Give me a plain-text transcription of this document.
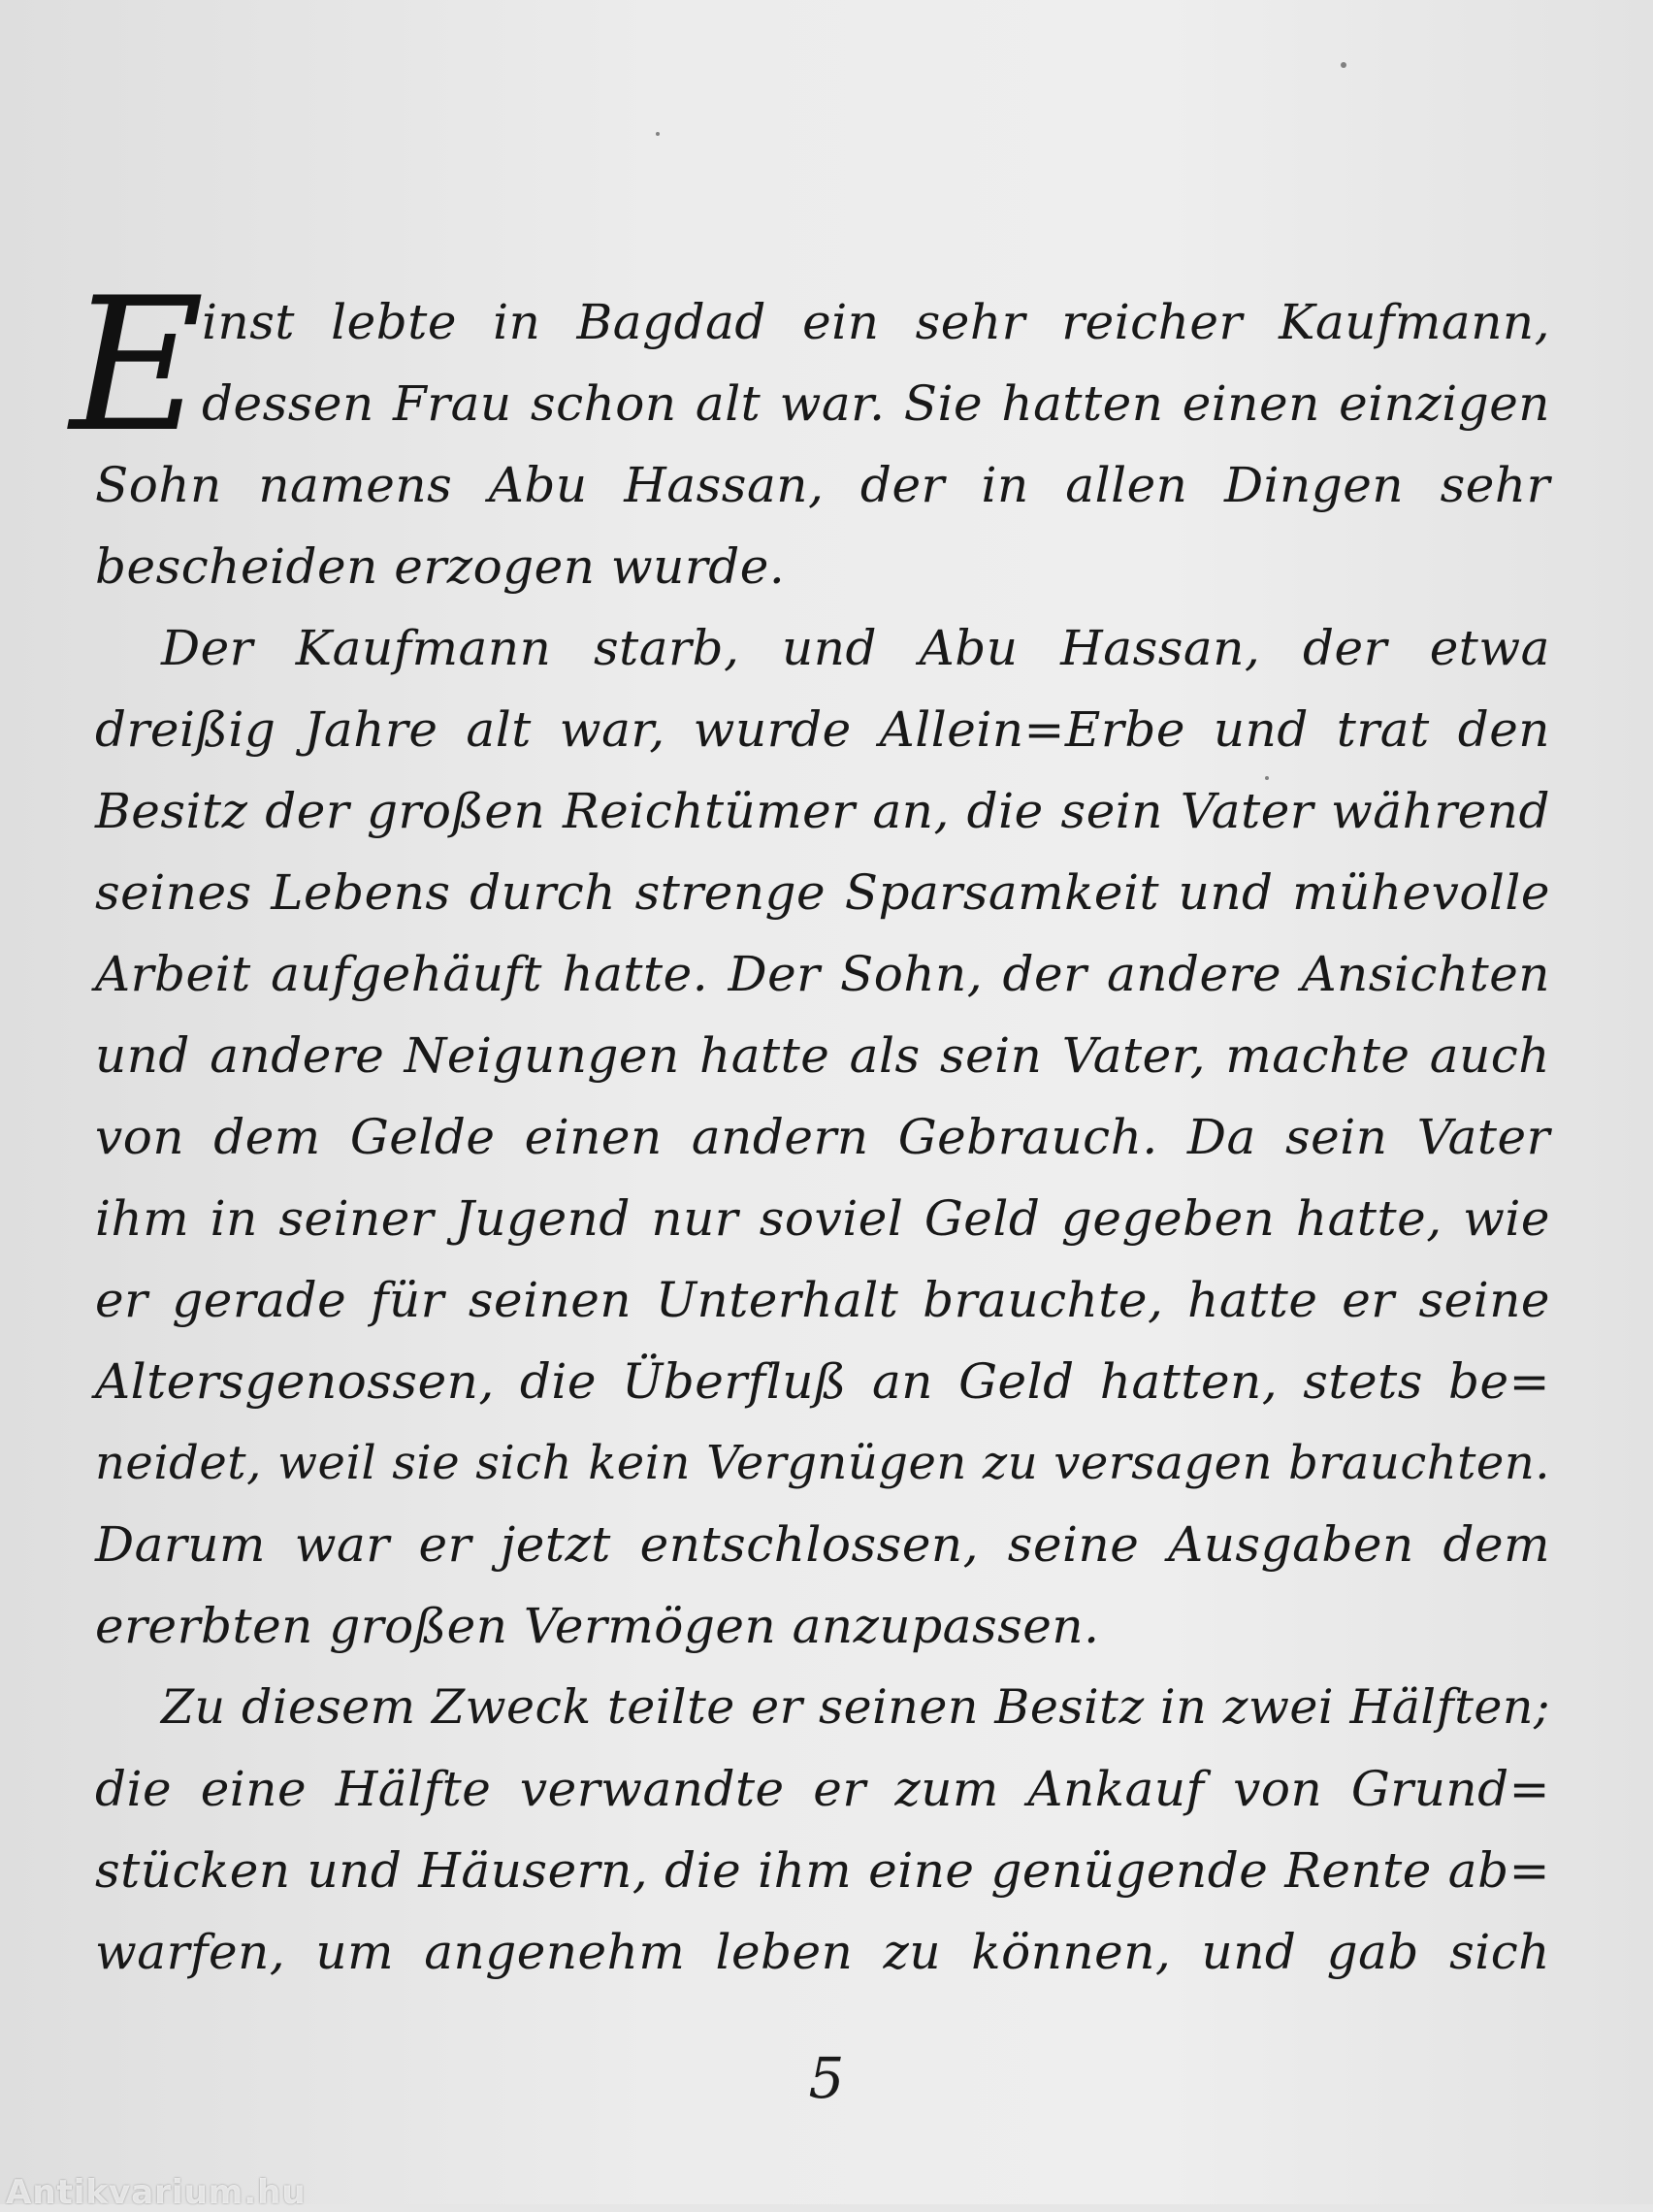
E
inst lebte in Bagdad ein sehr reicher Kaufmann,
dessen Frau schon alt war. Sie hatten einen einzigen
Sohn namens Abu Hassan, der in allen Dingen sehr
bescheiden erzogen wurde.
Der Kaufmann starb, und Abu Hassan, der etwa
dreißig Jahre alt war, wurde Allein=Erbe und trat den
Besitz der großen Reichtümer an, die sein Vater während
seines Lebens durch strenge Sparsamkeit und mühevolle
Arbeit aufgehäuft hatte. Der Sohn, der andere Ansichten
und andere Neigungen hatte als sein Vater, machte auch
von dem Gelde einen andern Gebrauch. Da sein Vater
ihm in seiner Jugend nur soviel Geld gegeben hatte, wie
er gerade für seinen Unterhalt brauchte, hatte er seine
Altersgenossen, die Überfluß an Geld hatten, stets be=
neidet, weil sie sich kein Vergnügen zu versagen brauchten.
Darum war er jetzt entschlossen, seine Ausgaben dem
ererbten großen Vermögen anzupassen.
Zu diesem Zweck teilte er seinen Besitz in zwei Hälften;
die eine Hälfte verwandte er zum Ankauf von Grund=
stücken und Häusern, die ihm eine genügende Rente ab=
warfen, um angenehm leben zu können, und gab sich
5
Antikvarium.hu
